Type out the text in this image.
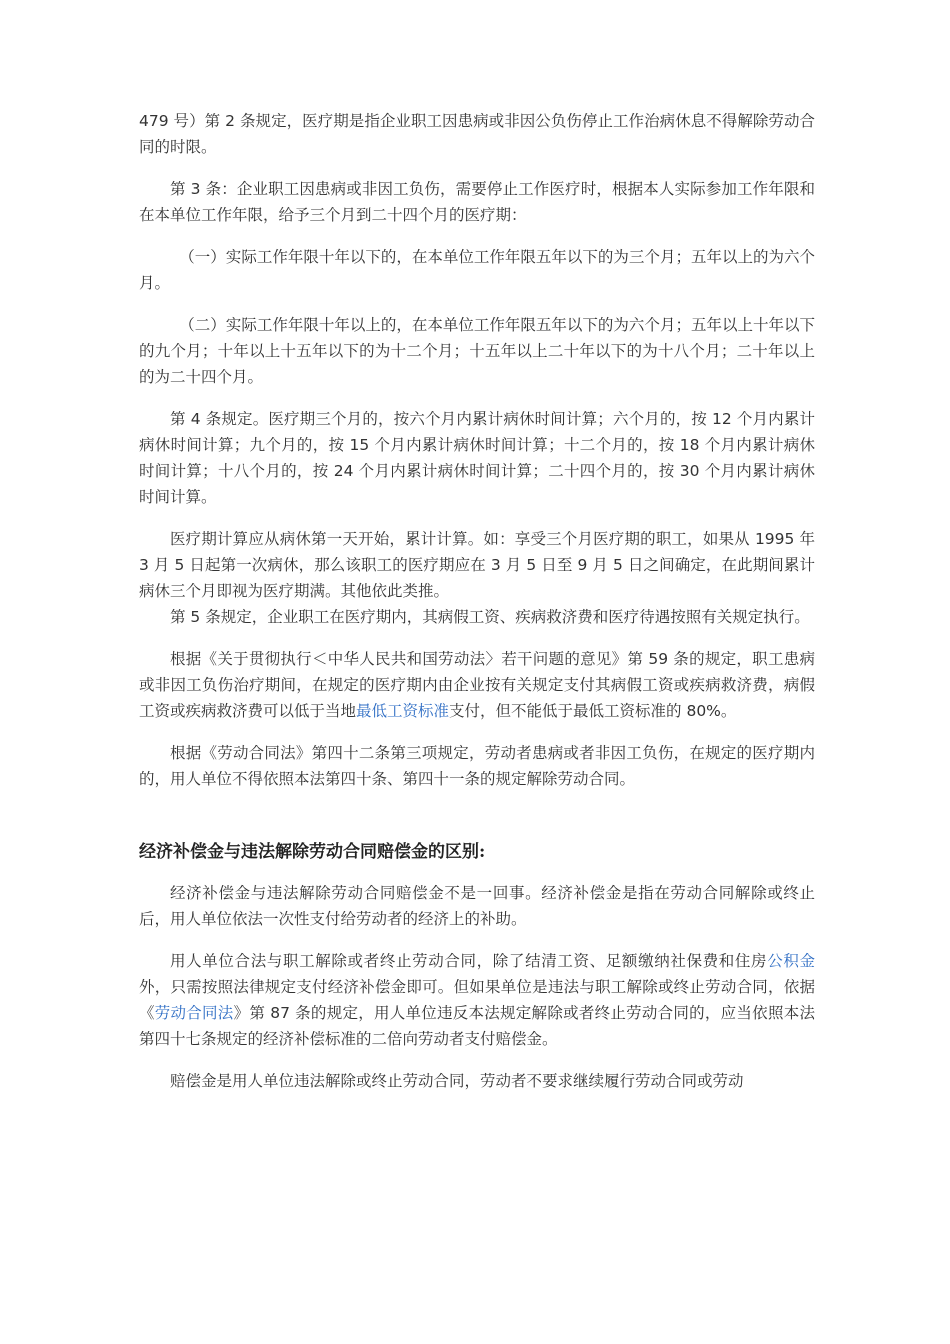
479 号）第 2 条规定，医疗期是指企业职工因患病或非因公负伤停止工作治病休息不得解除劳动合同的时限。

第 3 条：企业职工因患病或非因工负伤，需要停止工作医疗时，根据本人实际参加工作年限和在本单位工作年限，给予三个月到二十四个月的医疗期：

（一）实际工作年限十年以下的，在本单位工作年限五年以下的为三个月；五年以上的为六个月。

（二）实际工作年限十年以上的，在本单位工作年限五年以下的为六个月；五年以上十年以下的九个月；十年以上十五年以下的为十二个月；十五年以上二十年以下的为十八个月；二十年以上的为二十四个月。

第 4 条规定。医疗期三个月的，按六个月内累计病休时间计算；六个月的，按 12 个月内累计病休时间计算；九个月的，按 15 个月内累计病休时间计算；十二个月的，按 18 个月内累计病休时间计算；十八个月的，按 24 个月内累计病休时间计算；二十四个月的，按 30 个月内累计病休时间计算。

医疗期计算应从病休第一天开始，累计计算。如：享受三个月医疗期的职工，如果从 1995 年 3 月 5 日起第一次病休，那么该职工的医疗期应在 3 月 5 日至 9 月 5 日之间确定，在此期间累计病休三个月即视为医疗期满。其他依此类推。

第 5 条规定，企业职工在医疗期内，其病假工资、疾病救济费和医疗待遇按照有关规定执行。

根据《关于贯彻执行＜中华人民共和国劳动法〉若干问题的意见》第 59 条的规定，职工患病或非因工负伤治疗期间，在规定的医疗期内由企业按有关规定支付其病假工资或疾病救济费，病假工资或疾病救济费可以低于当地最低工资标准支付，但不能低于最低工资标准的 80%。

根据《劳动合同法》第四十二条第三项规定，劳动者患病或者非因工负伤，在规定的医疗期内的，用人单位不得依照本法第四十条、第四十一条的规定解除劳动合同。

经济补偿金与违法解除劳动合同赔偿金的区别:

经济补偿金与违法解除劳动合同赔偿金不是一回事。经济补偿金是指在劳动合同解除或终止后，用人单位依法一次性支付给劳动者的经济上的补助。

用人单位合法与职工解除或者终止劳动合同，除了结清工资、足额缴纳社保费和住房公积金外，只需按照法律规定支付经济补偿金即可。但如果单位是违法与职工解除或终止劳动合同，依据《劳动合同法》第 87 条的规定，用人单位违反本法规定解除或者终止劳动合同的，应当依照本法第四十七条规定的经济补偿标准的二倍向劳动者支付赔偿金。

赔偿金是用人单位违法解除或终止劳动合同，劳动者不要求继续履行劳动合同或劳动
